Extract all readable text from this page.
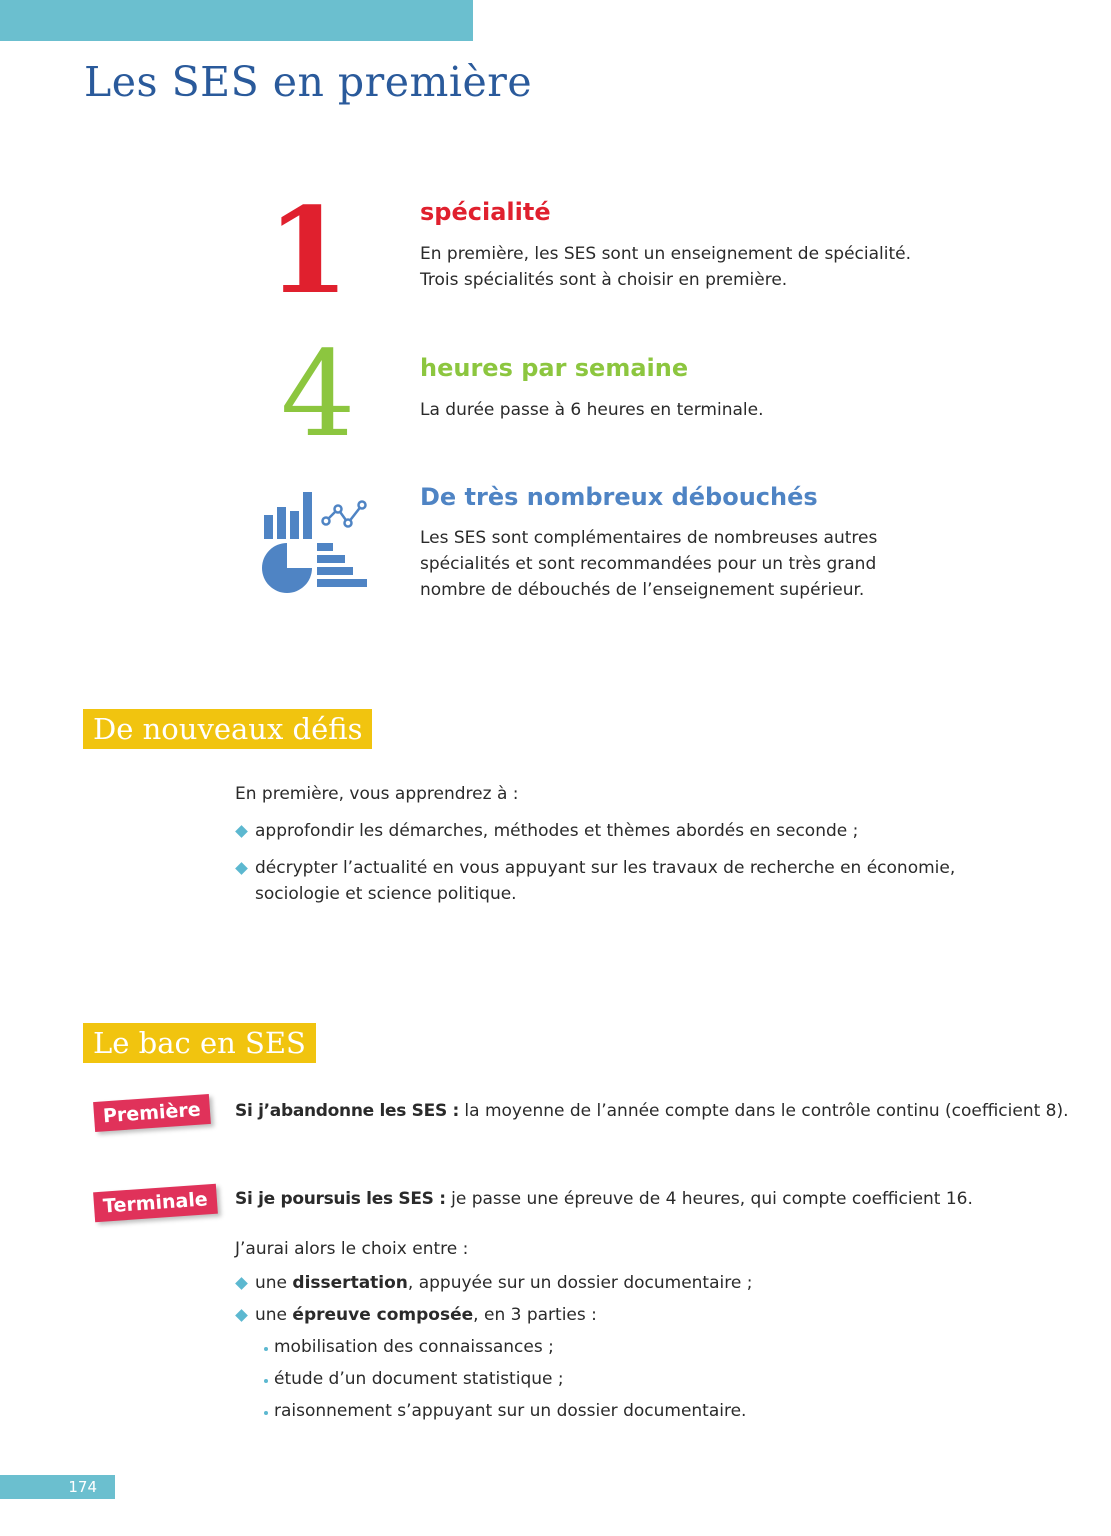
Les SES en première
1	spécialité

En première, les SES sont un enseignement de spécialité.
Trois spécialités sont à choisir en première.

4	heures par semaine

La durée passe à 6 heures en terminale.

De très nombreux débouchés

Les SES sont complémentaires de nombreuses autres
spécialités et sont recommandées pour un très grand
nombre de débouchés de l’enseignement supérieur.

De nouveaux défis

En première, vous apprendrez à :

approfondir les démarches, méthodes et thèmes abordés en seconde ;
décrypter l’actualité en vous appuyant sur les travaux de recherche en économie,
sociologie et science politique.
Le bac en SES
Première	Si j’abandonne les SES : la moyenne de l’année compte dans le contrôle continu (coefficient 8).

Terminale	Si je poursuis les SES : je passe une épreuve de 4 heures, qui compte coefficient 16.

J’aurai alors le choix entre :

une dissertation, appuyée sur un dossier documentaire ;
une épreuve composée, en 3 parties :
mobilisation des connaissances ;
étude d’un document statistique ;
raisonnement s’appuyant sur un dossier documentaire.
174
